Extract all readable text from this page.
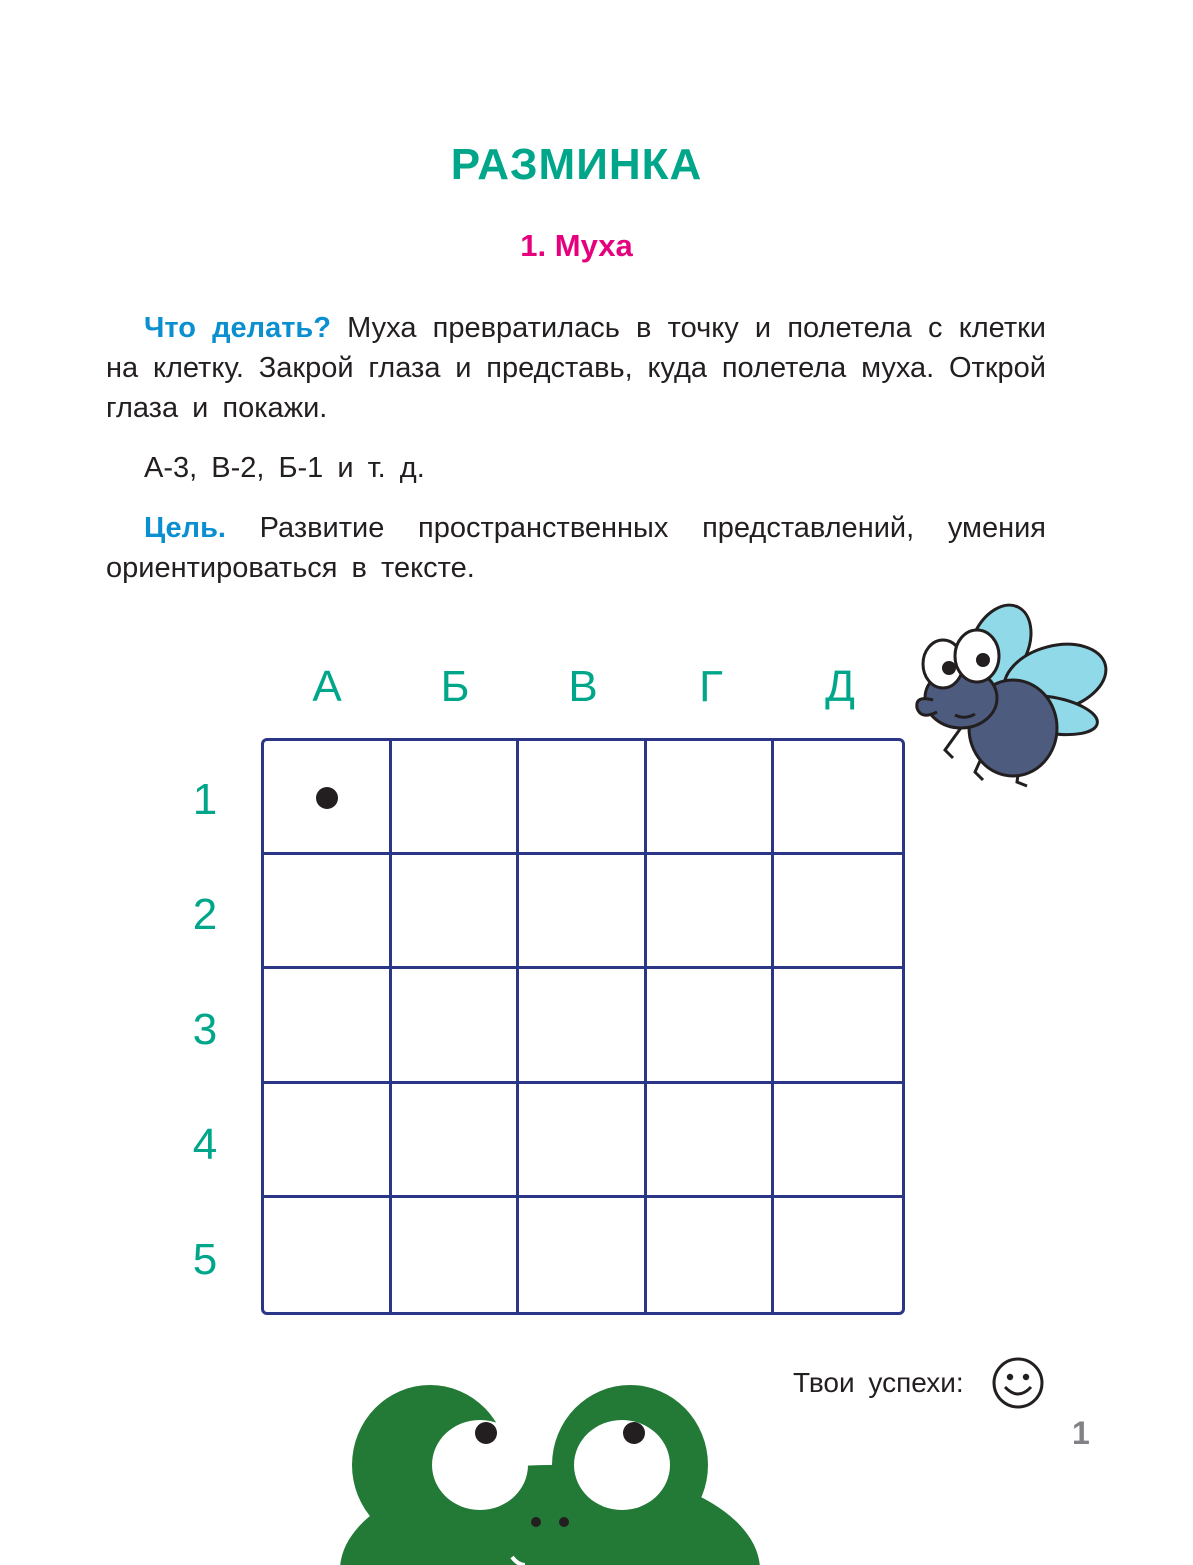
РАЗМИНКА
1. Муха
Что делать? Муха превратилась в точку и полетела с клетки на клетку. Закрой глаза и представь, куда полетела муха. Открой глаза и покажи.
А-3, В-2, Б-1 и т. д.
Цель. Развитие пространственных представлений, умения ориентироваться в тексте.
А	Б	В	Г	Д
1
2
3
4
5
Твои успехи:
1
